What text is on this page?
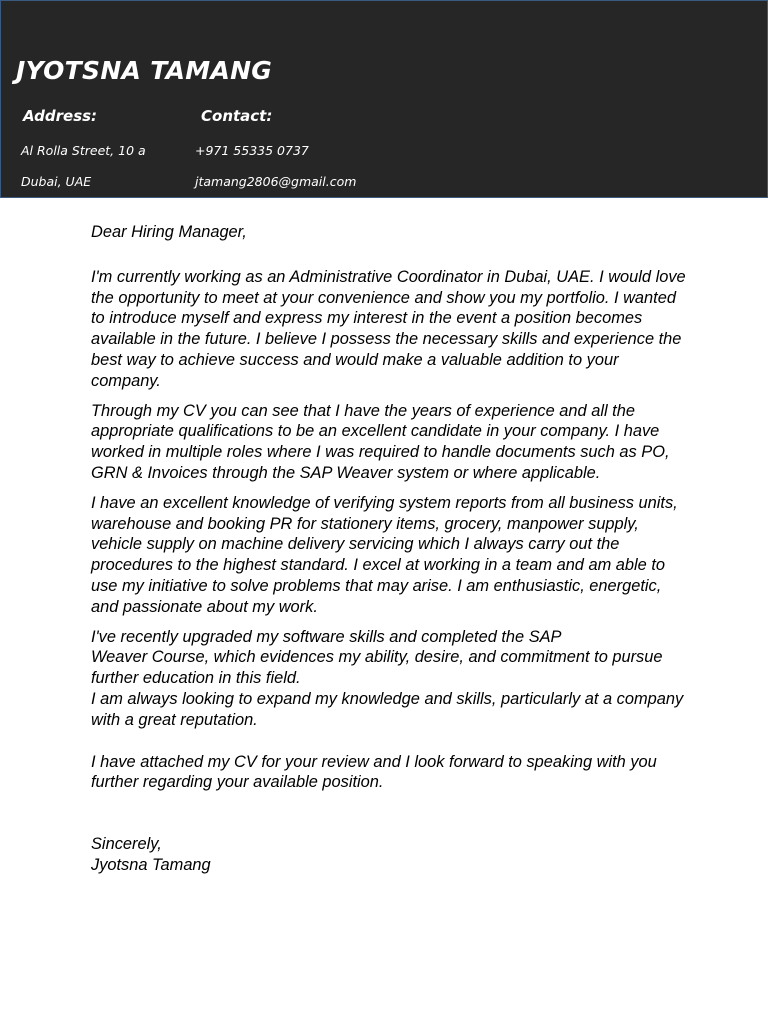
JYOTSNA TAMANG
Address:	Contact:
Al Rolla Street, 10 a	+971 55335 0737
Dubai, UAE	jtamang2806@gmail.com

Dear Hiring Manager,

I'm currently working as an Administrative Coordinator in Dubai, UAE. I would love the opportunity to meet at your convenience and show you my portfolio. I wanted to introduce myself and express my interest in the event a position becomes available in the future. I believe I possess the necessary skills and experience the best way to achieve success and would make a valuable addition to your company.

Through my CV you can see that I have the years of experience and all the appropriate qualifications to be an excellent candidate in your company. I have worked in multiple roles where I was required to handle documents such as PO, GRN & Invoices through the SAP Weaver system or where applicable.

I have an excellent knowledge of verifying system reports from all business units, warehouse and booking PR for stationery items, grocery, manpower supply, vehicle supply on machine delivery servicing which I always carry out the procedures to the highest standard. I excel at working in a team and am able to use my initiative to solve problems that may arise. I am enthusiastic, energetic, and passionate about my work.

I've recently upgraded my software skills and completed the SAP

Weaver Course, which evidences my ability, desire, and commitment to pursue further education in this field.

I am always looking to expand my knowledge and skills, particularly at a company with a great reputation.

I have attached my CV for your review and I look forward to speaking with you further regarding your available position.

Sincerely,

Jyotsna Tamang
